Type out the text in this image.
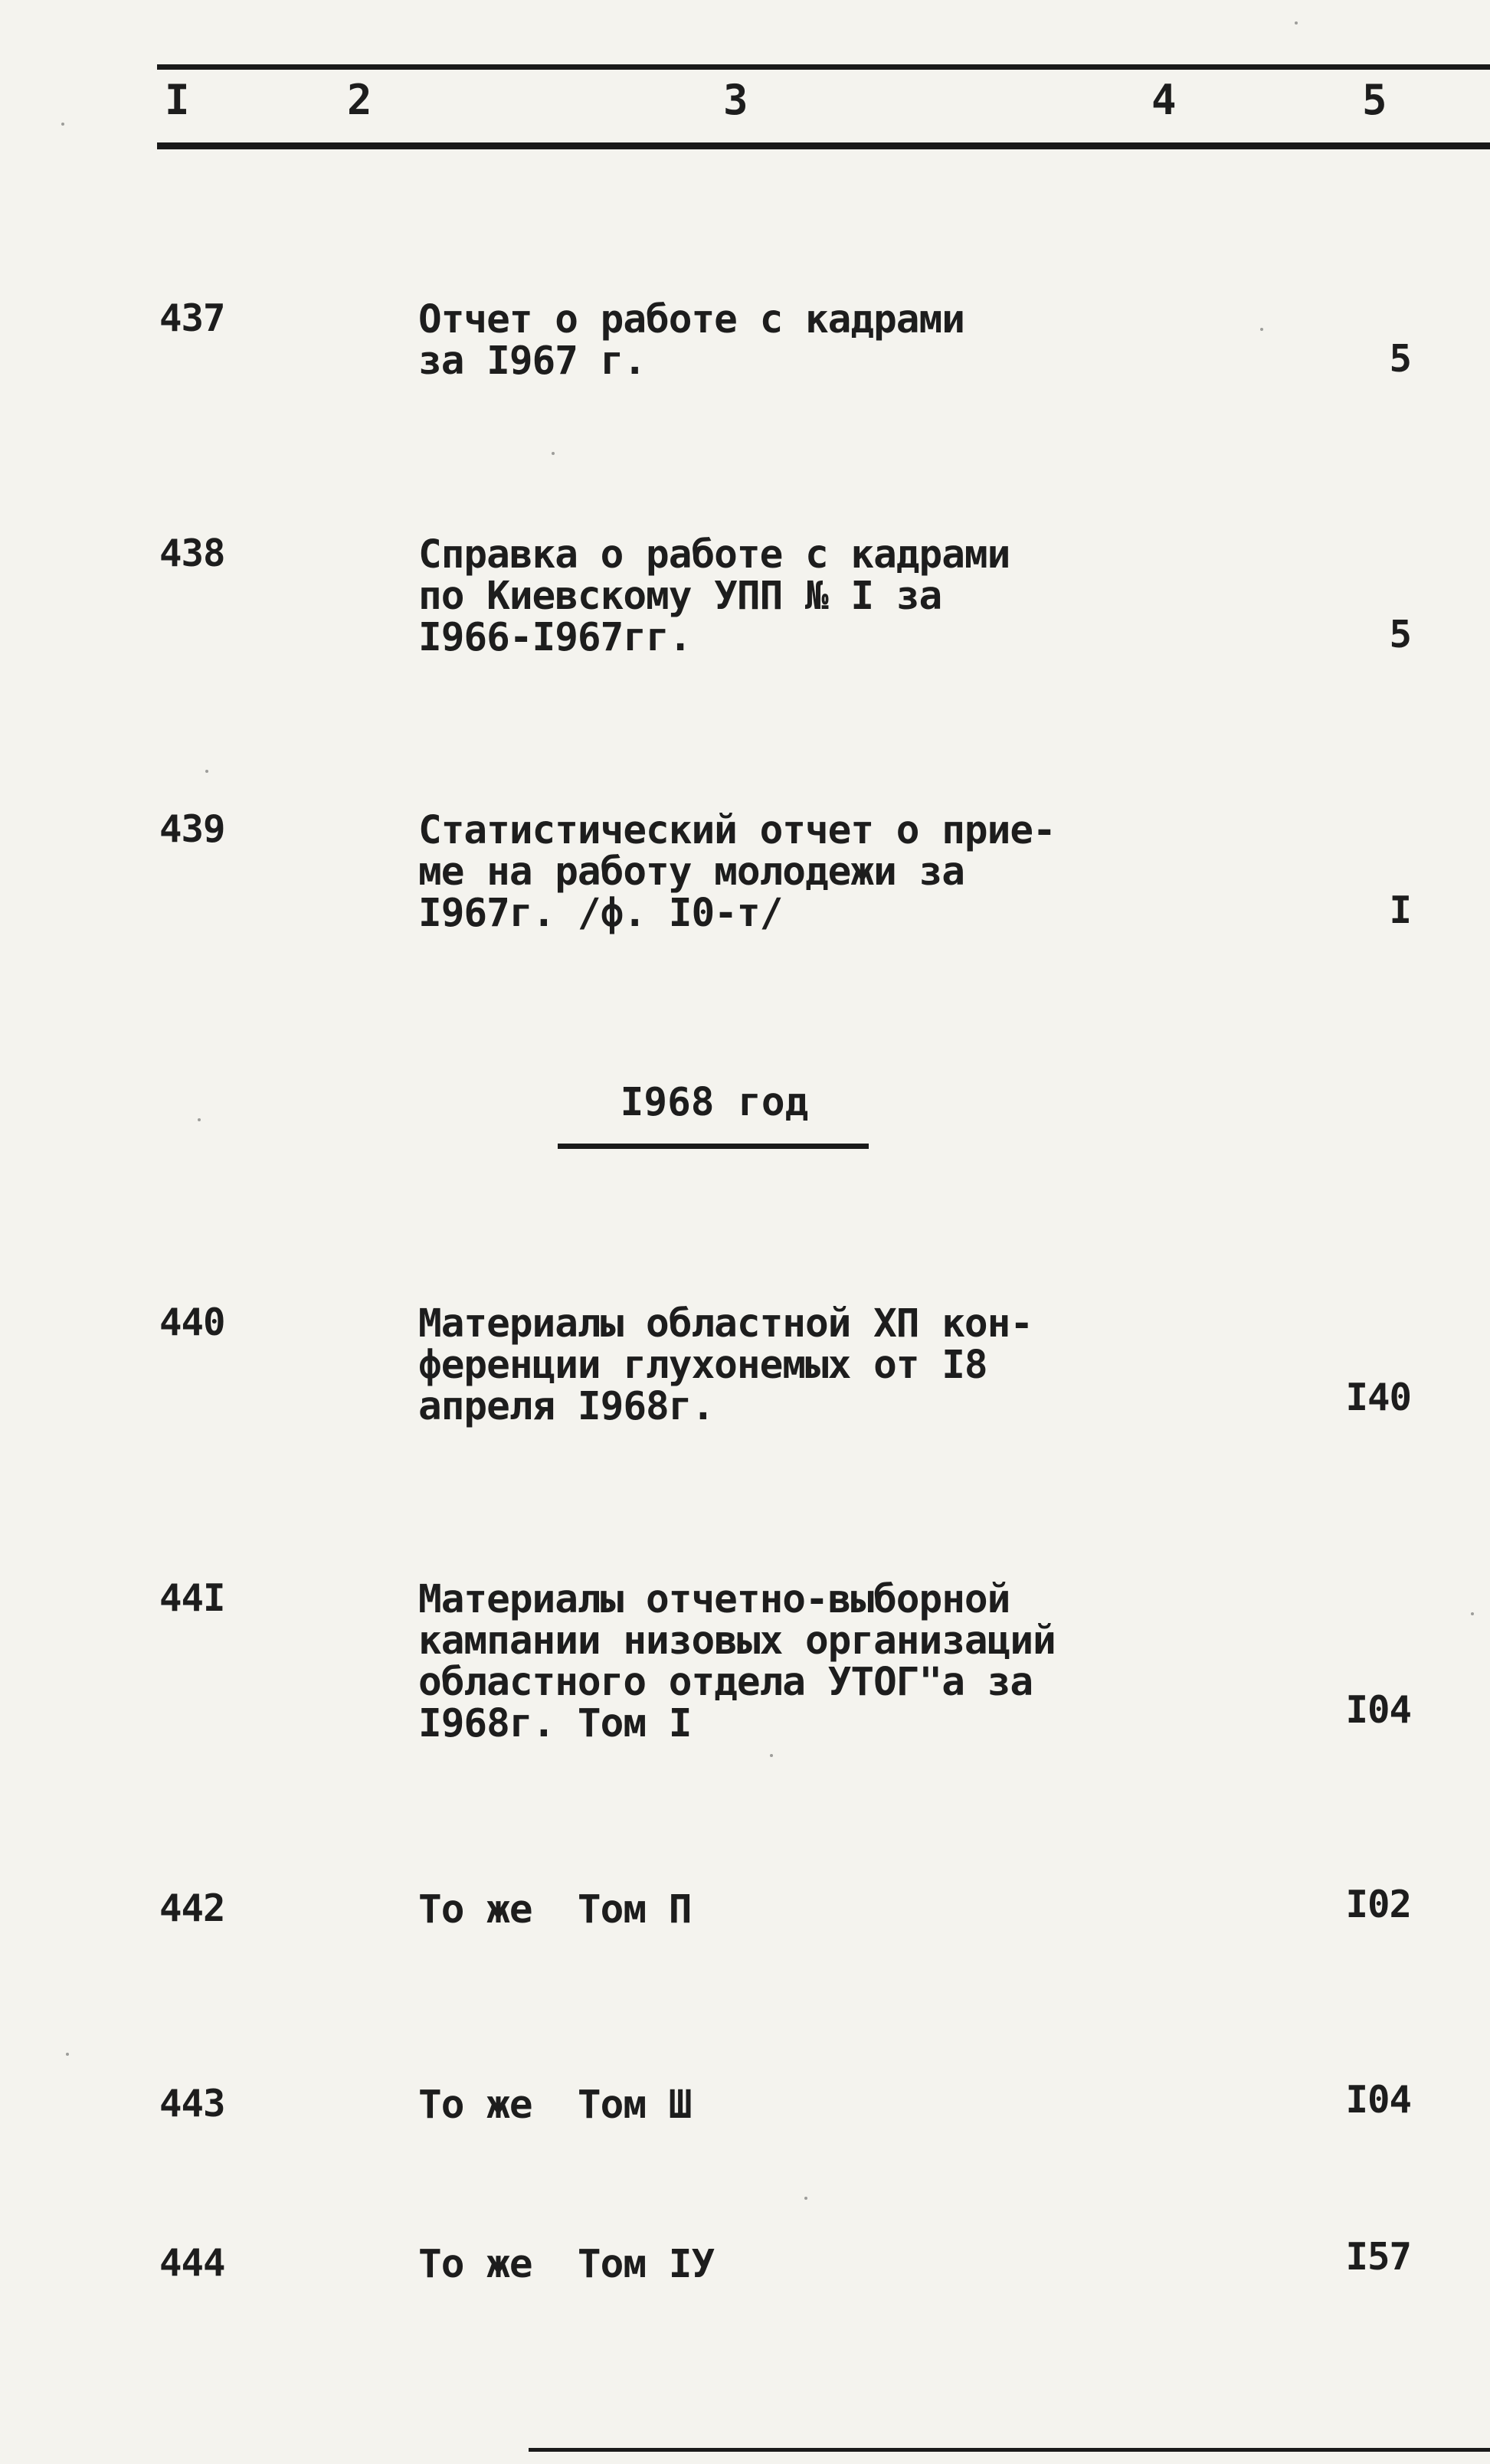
I	2	3	4	5
437	Отчет о работе с кадрами
за I967 г.	5
438	Справка о работе с кадрами
по Киевскому УПП № I за
I966-I967гг.	5
439	Статистический отчет о прие-
ме на работу молодежи за
I967г. /ф. I0-т/	I
I968 год
440	Материалы областной ХП кон-
ференции глухонемых от I8
апреля I968г.	I40
44I	Материалы отчетно-выборной
кампании низовых организаций
областного отдела УТОГ"а за
I968г. Том I	I04
442	То же  Том П	I02
443	То же  Том Ш	I04
444	То же  Том IУ	I57
